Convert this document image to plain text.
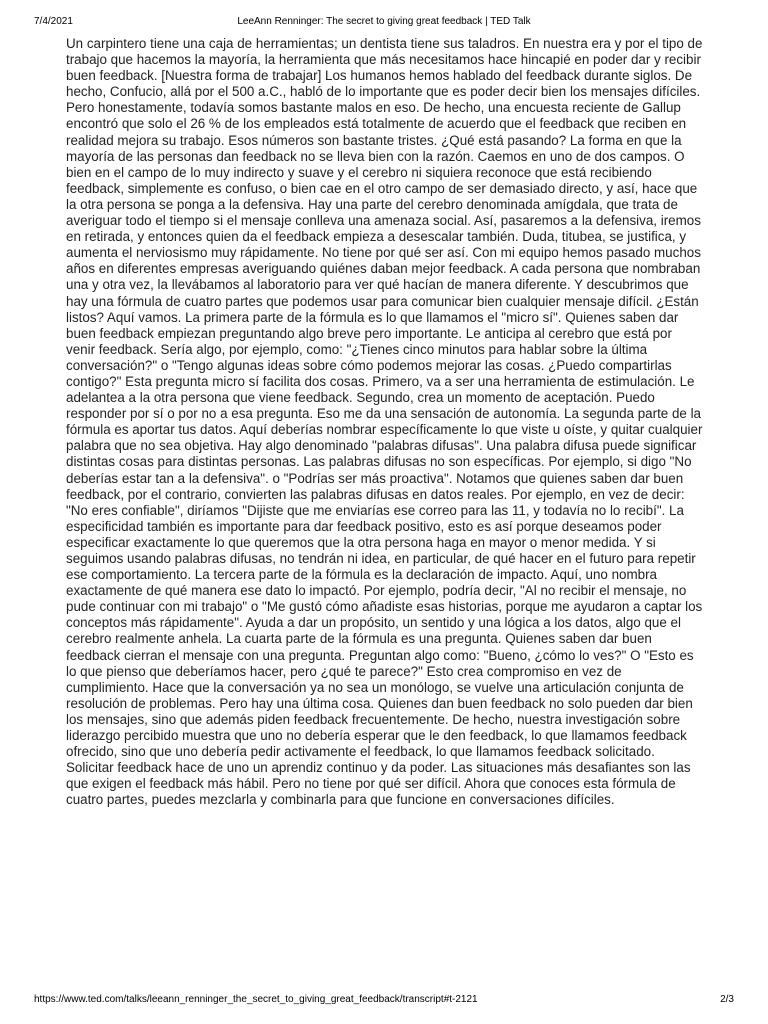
7/4/2021	LeeAnn Renninger: The secret to giving great feedback | TED Talk

Un carpintero tiene una caja de herramientas; un dentista tiene sus taladros. En nuestra era y por el tipo de trabajo que hacemos la mayoría, la herramienta que más necesitamos hace hincapié en poder dar y recibir buen feedback. [Nuestra forma de trabajar] Los humanos hemos hablado del feedback durante siglos. De hecho, Confucio, allá por el 500 a.C., habló de lo importante que es poder decir bien los mensajes difíciles. Pero honestamente, todavía somos bastante malos en eso. De hecho, una encuesta reciente de Gallup encontró que solo el 26 % de los empleados está totalmente de acuerdo que el feedback que reciben en realidad mejora su trabajo. Esos números son bastante tristes. ¿Qué está pasando? La forma en que la mayoría de las personas dan feedback no se lleva bien con la razón. Caemos en uno de dos campos. O bien en el campo de lo muy indirecto y suave y el cerebro ni siquiera reconoce que está recibiendo feedback, simplemente es confuso, o bien cae en el otro campo de ser demasiado directo, y así, hace que la otra persona se ponga a la defensiva. Hay una parte del cerebro denominada amígdala, que trata de averiguar todo el tiempo si el mensaje conlleva una amenaza social. Así, pasaremos a la defensiva, iremos en retirada, y entonces quien da el feedback empieza a desescalar también. Duda, titubea, se justifica, y aumenta el nerviosismo muy rápidamente. No tiene por qué ser así. Con mi equipo hemos pasado muchos años en diferentes empresas averiguando quiénes daban mejor feedback. A cada persona que nombraban una y otra vez, la llevábamos al laboratorio para ver qué hacían de manera diferente. Y descubrimos que hay una fórmula de cuatro partes que podemos usar para comunicar bien cualquier mensaje difícil. ¿Están listos? Aquí vamos. La primera parte de la fórmula es lo que llamamos el "micro sí". Quienes saben dar buen feedback empiezan preguntando algo breve pero importante. Le anticipa al cerebro que está por venir feedback. Sería algo, por ejemplo, como: "¿Tienes cinco minutos para hablar sobre la última conversación?" o "Tengo algunas ideas sobre cómo podemos mejorar las cosas. ¿Puedo compartirlas contigo?" Esta pregunta micro sí facilita dos cosas. Primero, va a ser una herramienta de estimulación. Le adelantea a la otra persona que viene feedback. Segundo, crea un momento de aceptación. Puedo responder por sí o por no a esa pregunta. Eso me da una sensación de autonomía. La segunda parte de la fórmula es aportar tus datos. Aquí deberías nombrar específicamente lo que viste u oíste, y quitar cualquier palabra que no sea objetiva. Hay algo denominado "palabras difusas". Una palabra difusa puede significar distintas cosas para distintas personas. Las palabras difusas no son específicas. Por ejemplo, si digo "No deberías estar tan a la defensiva". o "Podrías ser más proactiva". Notamos que quienes saben dar buen feedback, por el contrario, convierten las palabras difusas en datos reales. Por ejemplo, en vez de decir: "No eres confiable", diríamos "Dijiste que me enviarías ese correo para las 11, y todavía no lo recibí". La especificidad también es importante para dar feedback positivo, esto es así porque deseamos poder especificar exactamente lo que queremos que la otra persona haga en mayor o menor medida. Y si seguimos usando palabras difusas, no tendrán ni idea, en particular, de qué hacer en el futuro para repetir ese comportamiento. La tercera parte de la fórmula es la declaración de impacto. Aquí, uno nombra exactamente de qué manera ese dato lo impactó. Por ejemplo, podría decir, "Al no recibir el mensaje, no pude continuar con mi trabajo" o "Me gustó cómo añadiste esas historias, porque me ayudaron a captar los conceptos más rápidamente". Ayuda a dar un propósito, un sentido y una lógica a los datos, algo que el cerebro realmente anhela. La cuarta parte de la fórmula es una pregunta. Quienes saben dar buen feedback cierran el mensaje con una pregunta. Preguntan algo como: "Bueno, ¿cómo lo ves?" O "Esto es lo que pienso que deberíamos hacer, pero ¿qué te parece?" Esto crea compromiso en vez de cumplimiento. Hace que la conversación ya no sea un monólogo, se vuelve una articulación conjunta de resolución de problemas. Pero hay una última cosa. Quienes dan buen feedback no solo pueden dar bien los mensajes, sino que además piden feedback frecuentemente. De hecho, nuestra investigación sobre liderazgo percibido muestra que uno no debería esperar que le den feedback, lo que llamamos feedback ofrecido, sino que uno debería pedir activamente el feedback, lo que llamamos feedback solicitado. Solicitar feedback hace de uno un aprendiz continuo y da poder. Las situaciones más desafiantes son las que exigen el feedback más hábil. Pero no tiene por qué ser difícil. Ahora que conoces esta fórmula de cuatro partes, puedes mezclarla y combinarla para que funcione en conversaciones difíciles.

https://www.ted.com/talks/leeann_renninger_the_secret_to_giving_great_feedback/transcript#t-2121	2/3
